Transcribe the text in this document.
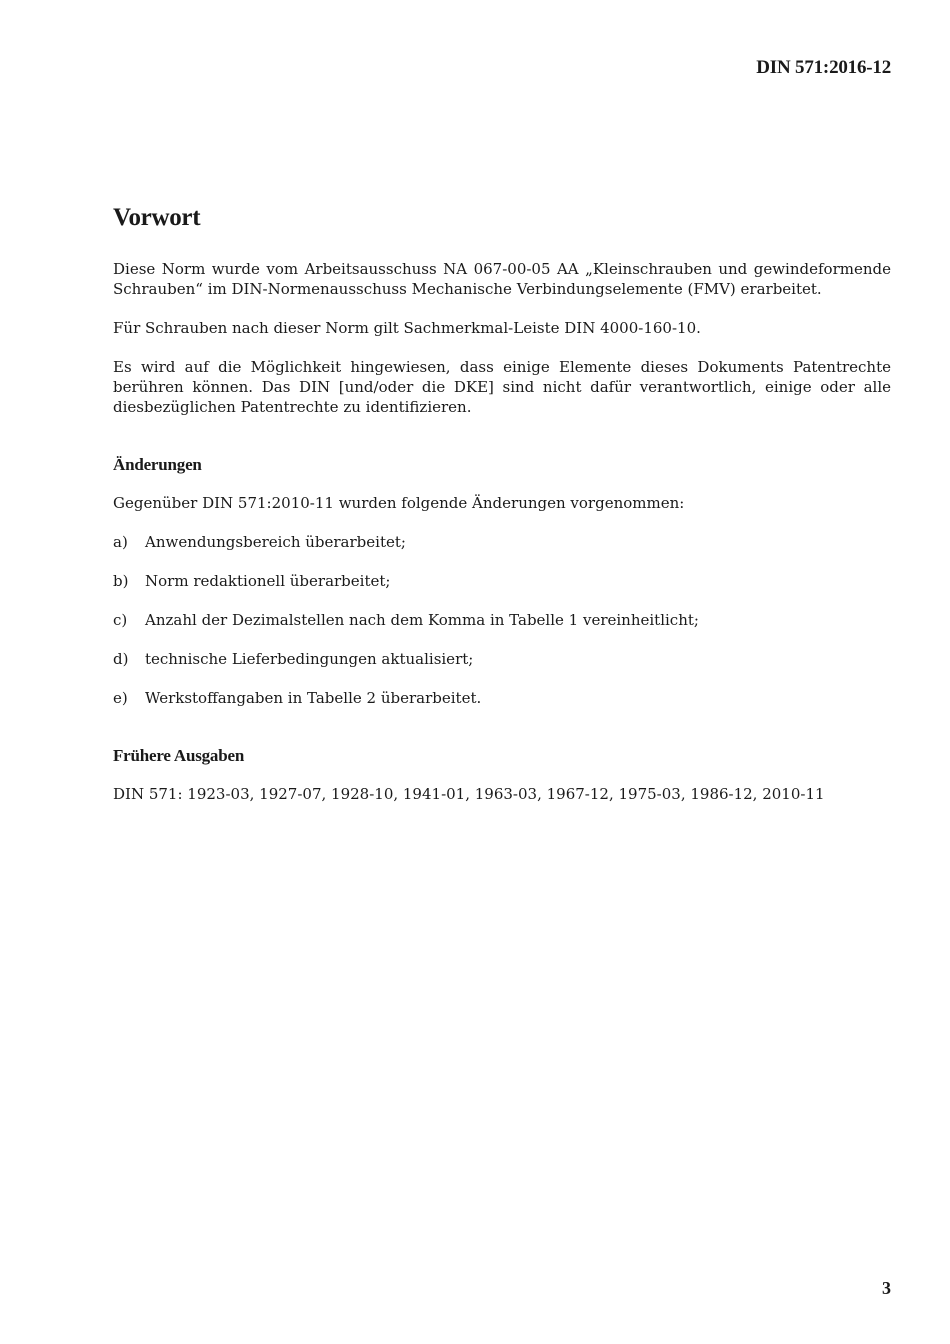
DIN 571:2016-12
Vorwort

Diese Norm wurde vom Arbeitsausschuss NA 067-00-05 AA „Kleinschrauben und gewindeformende Schrauben“ im DIN-Normenausschuss Mechanische Verbindungselemente (FMV) erarbeitet.

Für Schrauben nach dieser Norm gilt Sachmerkmal-Leiste DIN 4000-160-10.

Es wird auf die Möglichkeit hingewiesen, dass einige Elemente dieses Dokuments Patentrechte berühren können. Das DIN [und/oder die DKE] sind nicht dafür verantwortlich, einige oder alle diesbezüglichen Patentrechte zu identifizieren.

Änderungen

Gegenüber DIN 571:2010-11 wurden folgende Änderungen vorgenommen:

a)	Anwendungsbereich überarbeitet;
b)	Norm redaktionell überarbeitet;
c)	Anzahl der Dezimalstellen nach dem Komma in Tabelle 1 vereinheitlicht;
d)	technische Lieferbedingungen aktualisiert;
e)	Werkstoffangaben in Tabelle 2 überarbeitet.
Frühere Ausgaben

DIN 571: 1923-03, 1927-07, 1928-10, 1941-01, 1963-03, 1967-12, 1975-03, 1986-12, 2010-11

3
